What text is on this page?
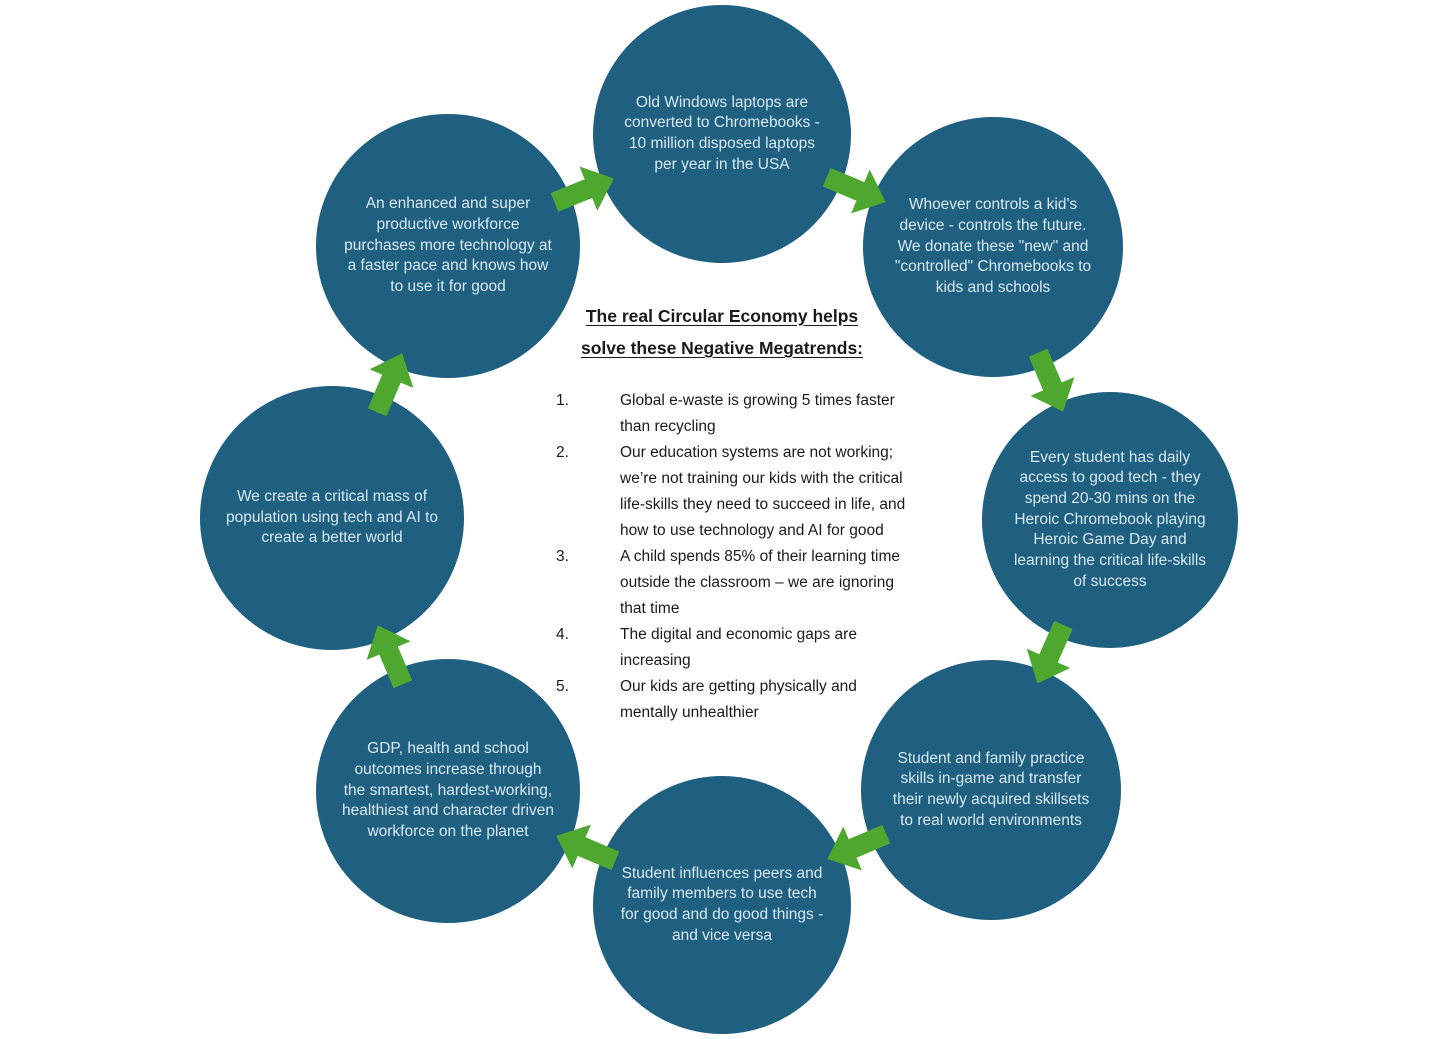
Old Windows laptops are converted to Chromebooks - 10 million disposed laptops per year in the USA
Whoever controls a kid's device - controls the future. We donate these "new" and "controlled" Chromebooks to kids and schools
Every student has daily access to good tech - they spend 20-30 mins on the Heroic Chromebook playing Heroic Game Day and learning the critical life-skills of success
Student and family practice skills in-game and transfer their newly acquired skillsets to real world environments
Student influences peers and family members to use tech for good and do good things - and vice versa
GDP, health and school outcomes increase through the smartest, hardest-working, healthiest and character driven workforce on the planet
We create a critical mass of population using tech and AI to create a better world
An enhanced and super productive workforce purchases more technology at a faster pace and knows how to use it for good
The real Circular Economy helps
solve these Negative Megatrends:
1.	Global e-waste is growing 5 times faster than recycling
2.	Our education systems are not working; we’re not training our kids with the critical life-skills they need to succeed in life, and how to use technology and AI for good
3.	A child spends 85% of their learning time outside the classroom – we are ignoring that time
4.	The digital and economic gaps are increasing
5.	Our kids are getting physically and mentally unhealthier
